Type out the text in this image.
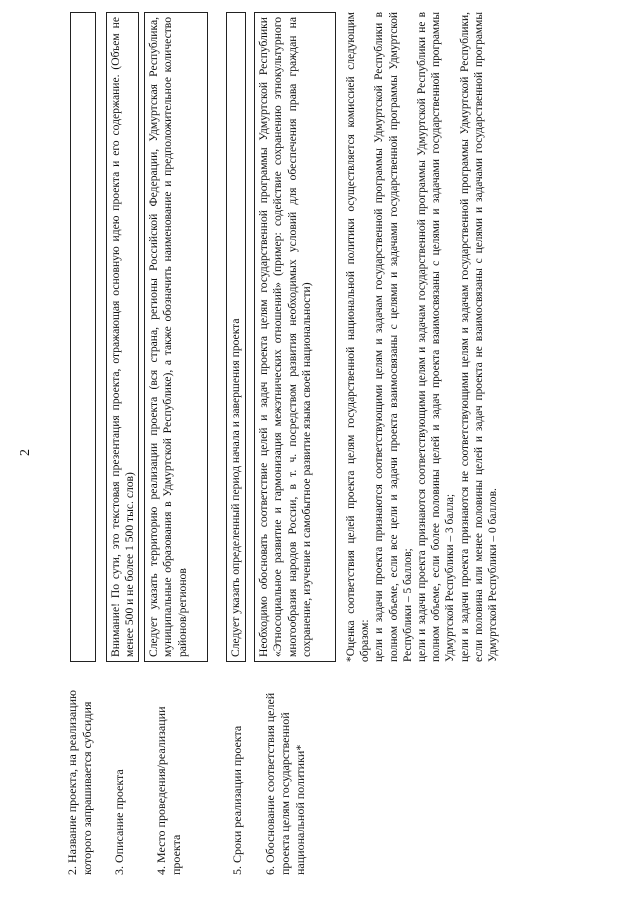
2
2. Название проекта, на реализацию которого запрашивается субсидия 3. Описание проекта
Внимание! По сути, это текстовая презентация проекта, отражающая основную идею проекта и его содержание. (Объем не менее 500 и не более 1 500 тыс. слов)
4. Место проведения/реализации проекта
Следует указать территорию реализации проекта (вся страна, регионы Российской Федерации, Удмуртская Республика, муниципальные образования в Удмуртской Республике), а также обозначить наименование и предположительное количество районов/регионов
5. Сроки реализации проекта
Следует указать определенный период начала и завершения проекта
6. Обоснование соответствия целей проекта целям государственной национальной политики*
Необходимо обосновать соответствие целей и задач проекта целям государственной программы Удмуртской Республики «Этносоциальное развитие и гармонизация межэтнических отношений» (пример: содействие сохранению этнокультурного многообразия народов России, в т. ч. посредством развития необходимых условий для обеспечения права граждан на сохранение, изучение и самобытное развитие языка своей национальности)	*Оценка соответствия целей проекта целям государственной национальной политики осуществляется комиссией следующим образом: цели и задачи проекта признаются соответствующими целям и задачам государственной программы Удмуртской Республики в полном объеме, если все цели и задачи проекта взаимосвязаны с целями и задачами государственной программы Удмуртской Республики – 5 баллов; цели и задачи проекта признаются соответствующими целям и задачам государственной программы Удмуртской Республики не в полном объеме, если более половины целей и задач проекта взаимосвязаны с целями и задачами государственной программы Удмуртской Республики – 3 балла; цели и задачи проекта признаются не соответствующими целям и задачам государственной программы Удмуртской Республики, если половина или менее половины целей и задач проекта не взаимосвязаны с целями и задачами государственной программы Удмуртской Республики – 0 баллов.
